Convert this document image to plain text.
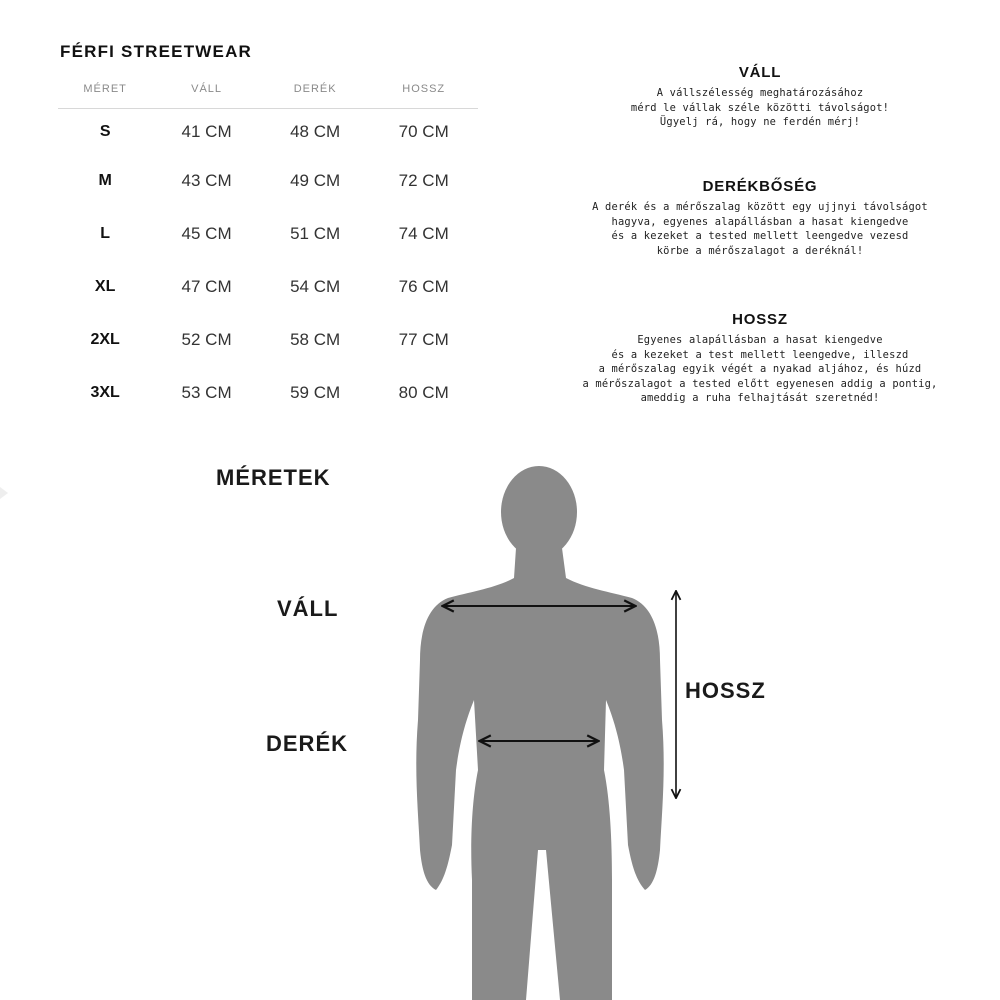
FÉRFI STREETWEAR
MÉRET	VÁLL	DERÉK	HOSSZ
S	41 CM	48 CM	70 CM
M	43 CM	49 CM	72 CM
L	45 CM	51 CM	74 CM
XL	47 CM	54 CM	76 CM
2XL	52 CM	58 CM	77 CM
3XL	53 CM	59 CM	80 CM
VÁLL
A vállszélesség meghatározásához
mérd le vállak széle közötti távolságot!
Ügyelj rá, hogy ne ferdén mérj!
DERÉKBŐSÉG
A derék és a mérőszalag között egy ujjnyi távolságot
hagyva, egyenes alapállásban a hasat kiengedve
és a kezeket a tested mellett leengedve vezesd
körbe a mérőszalagot a deréknál!
HOSSZ
Egyenes alapállásban a hasat kiengedve
és a kezeket a test mellett leengedve, illeszd
a mérőszalag egyik végét a nyakad aljához, és húzd
a mérőszalagot a tested előtt egyenesen addig a pontig,
ameddig a ruha felhajtását szeretnéd!
MÉRETEK
VÁLL
DERÉK
HOSSZ
